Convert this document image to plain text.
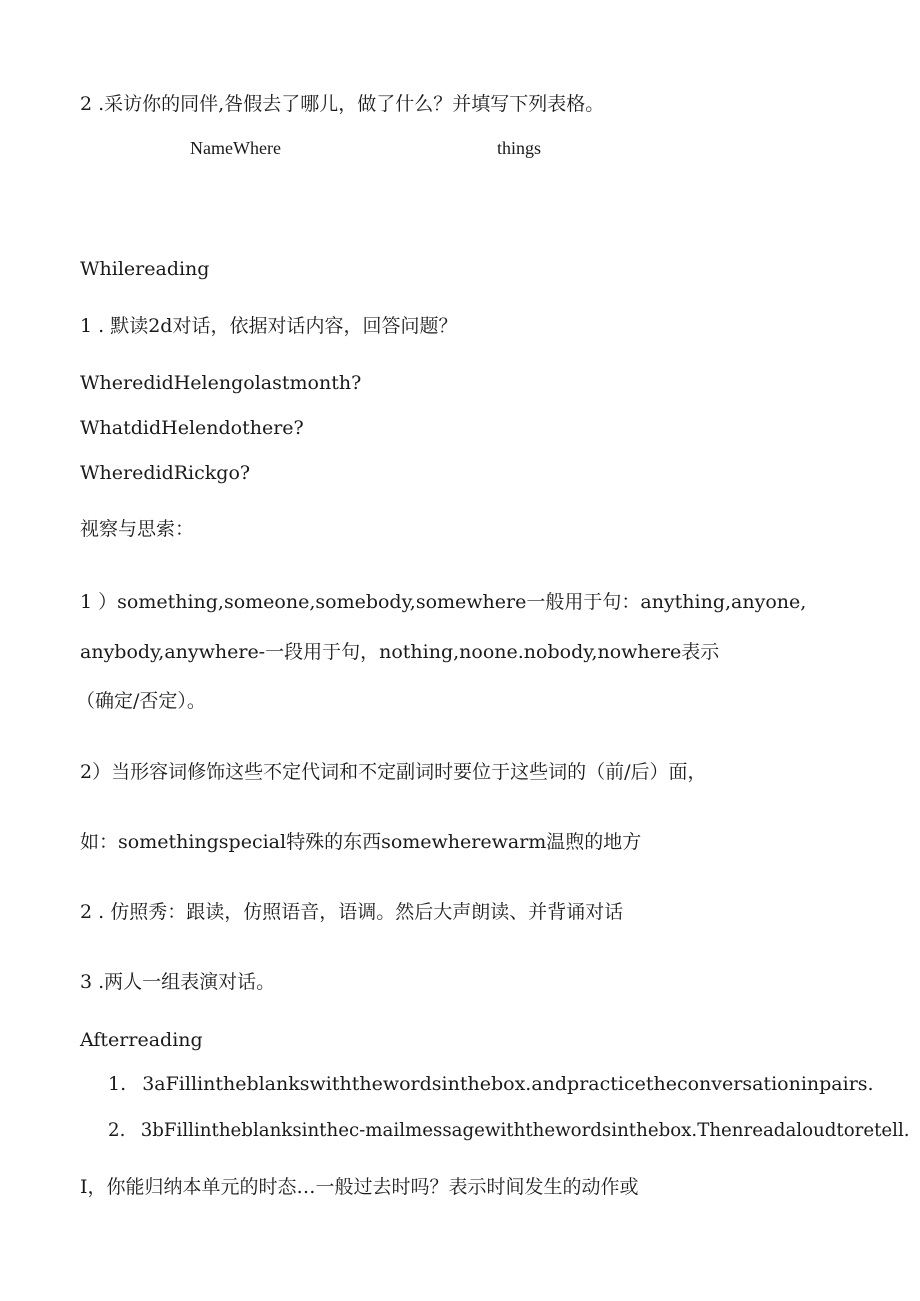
2 .采访你的同伴,咎假去了哪儿，做了什么？并填写下列表格。
NameWhere	things
Whilereading
1 . 默读2d对话，依据对话内容，回答问题？
WheredidHelengolastmonth?
WhatdidHelendothere?
WheredidRickgo?
视察与思索：
1 ）something,someone,somebody,somewhere一般用于句：anything,anyone,
anybody,anywhere-一段用于句，nothing,noone.nobody,nowhere表示
（确定/否定）。
2）当形容词修饰这些不定代词和不定副词时要位于这些词的（前/后）面，
如：somethingspecial特殊的东西somewherewarm温煦的地方
2 . 仿照秀：跟读，仿照语音，语调。然后大声朗读、并背诵对话
3 .两人一组表演对话。
Afterreading
1. 3aFillintheblankswiththewordsinthebox.andpracticetheconversationinpairs.
2. 3bFillintheblanksinthec-mailmessagewiththewordsinthebox.Thenreadaloudtoretell.
I，你能归纳本单元的时态…一般过去时吗？表示时间发生的动作或
